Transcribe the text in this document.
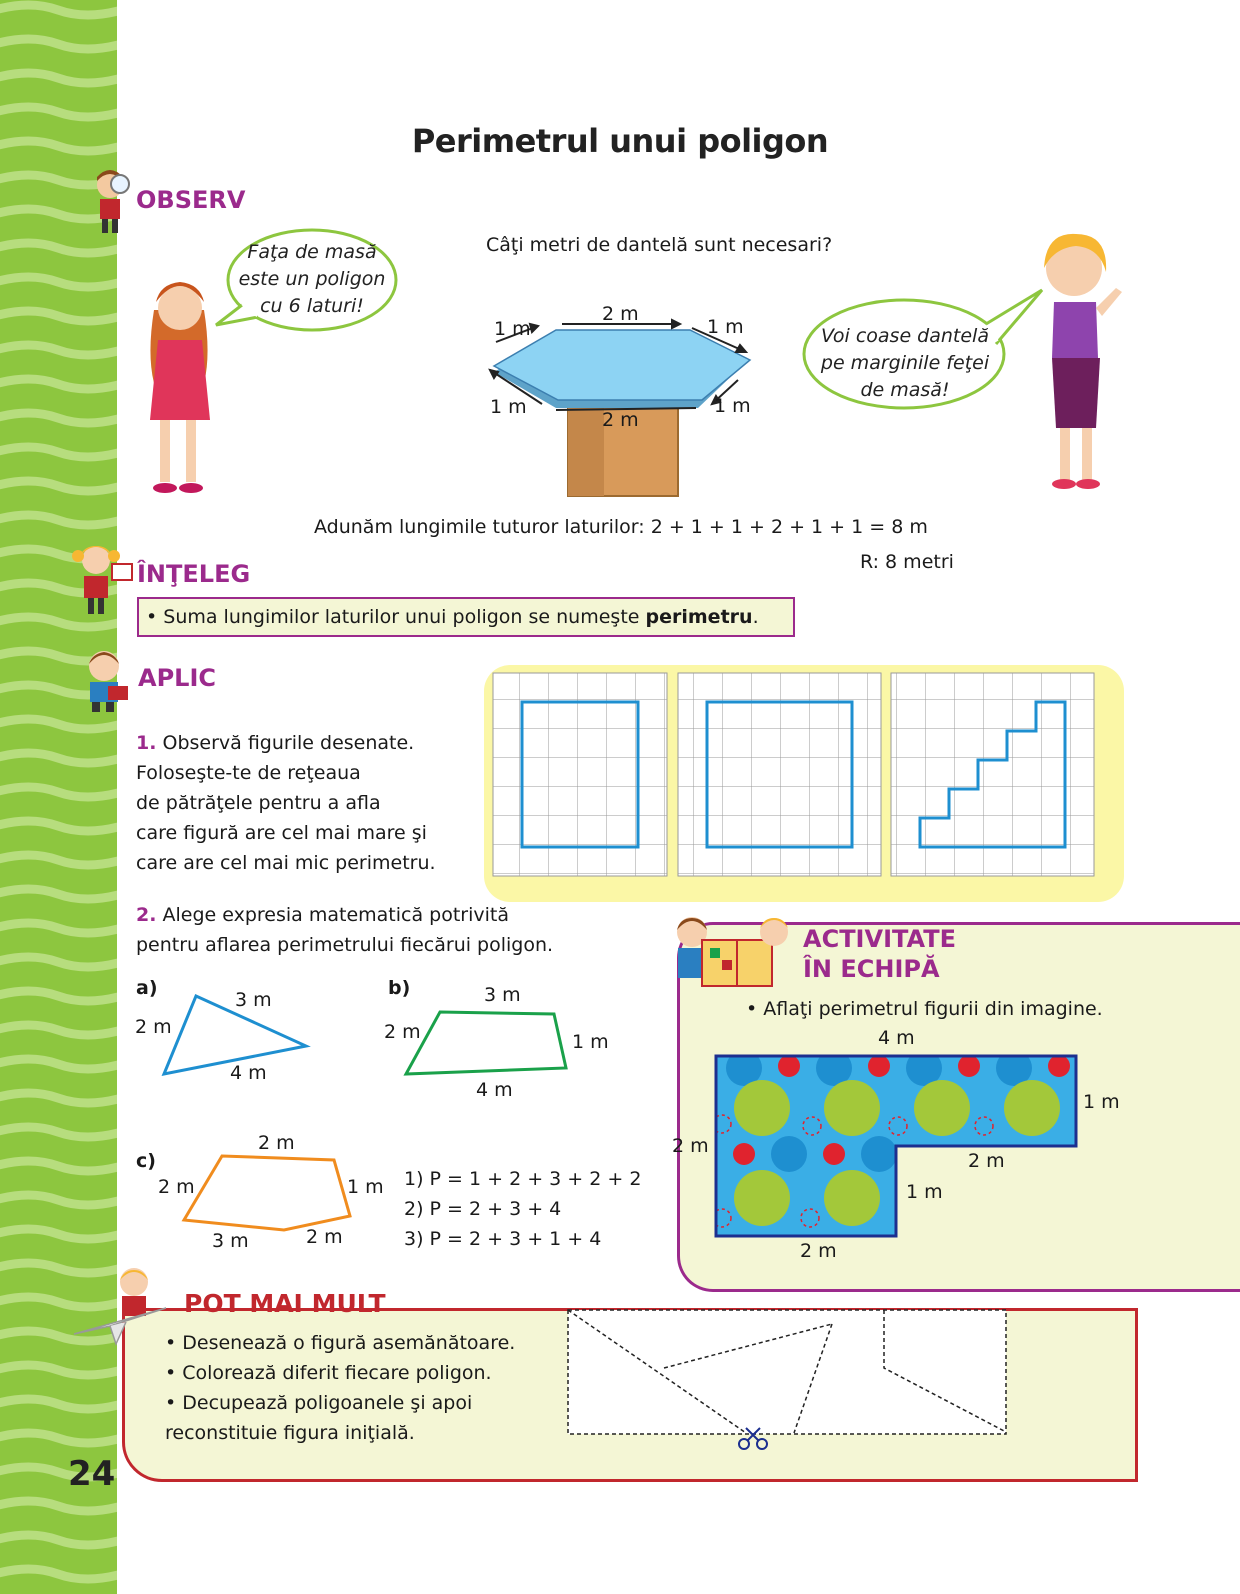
Perimetrul unui poligon
OBSERV
Faţa de masă
este un poligon
cu 6 laturi!
Câţi metri de dantelă sunt necesari?
2 m
1 m	1 m
1 m	1 m
2 m
Voi coase dantelă
pe marginile feţei
de masă!
Adunăm lungimile tuturor laturilor: 2 + 1 + 1 + 2 + 1 + 1 = 8 m
R: 8 metri
ÎNŢELEG
• Suma lungimilor laturilor unui poligon se numeşte perimetru.
APLIC
1. Observă figurile desenate.
Foloseşte-te de reţeaua
de pătrăţele pentru a afla
care figură are cel mai mare şi
care are cel mai mic perimetru.
2. Alege expresia matematică potrivită
pentru aflarea perimetrului fiecărui poligon.
a)
3 m
2 m
4 m
b)	3 m
2 m	1 m
4 m
c)
2 m
2 m	1 m
3 m	2 m
1) P = 1 + 2 + 3 + 2 + 2
2) P = 2 + 3 + 4
3) P = 2 + 3 + 1 + 4
ACTIVITATE
ÎN ECHIPĂ
• Aflaţi perimetrul figurii din imagine.
4 m
1 m
2 m
2 m
1 m
2 m
POT MAI MULT
• Desenează o figură asemănătoare.
• Colorează diferit fiecare poligon.
• Decupează poligoanele şi apoi
reconstituie figura iniţială.
24
